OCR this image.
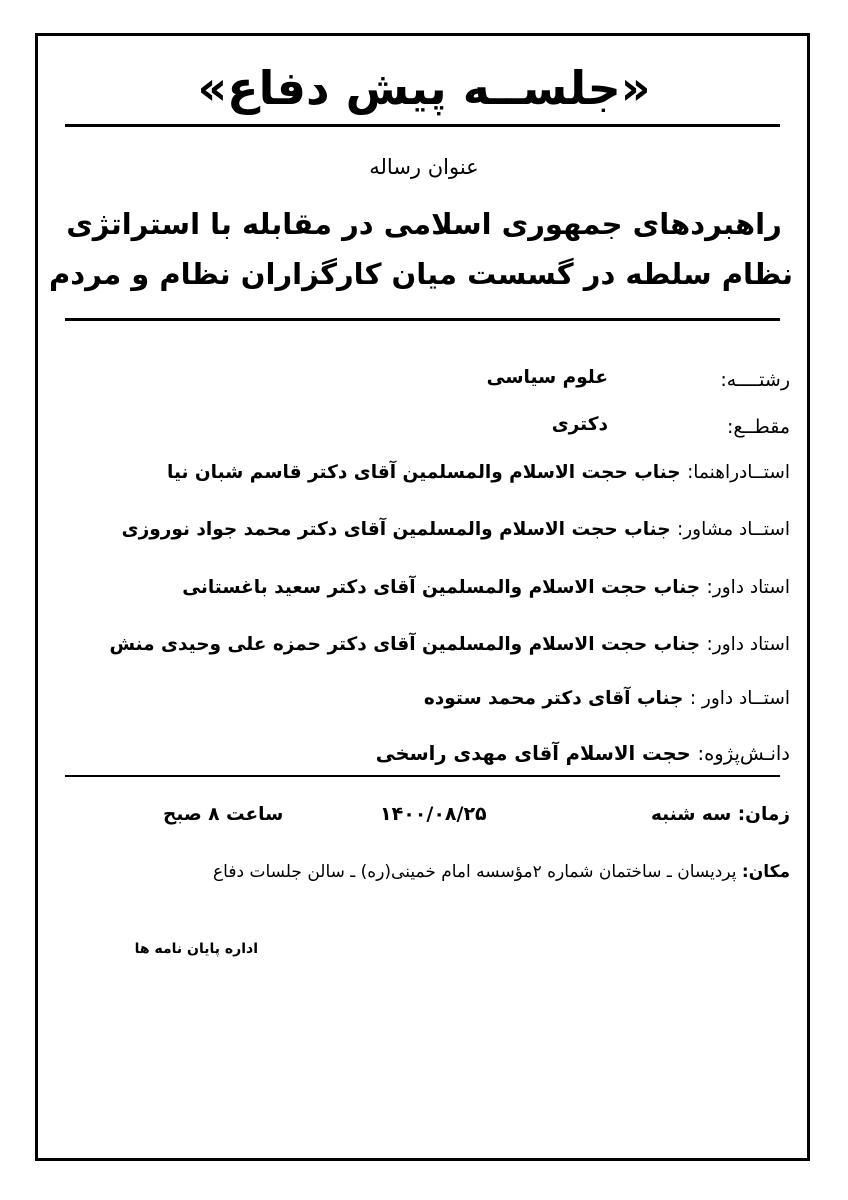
«جلســه پیش دفاع»
عنوان رساله
راهبردهای جمهوری اسلامی در مقابله با استراتژی
نظام سلطه در گسست میان کارگزاران نظام و مردم
رشتــــه:
علوم سیاسی
مقطــع:
دکتری
استــادراهنما: جناب حجت الاسلام والمسلمین آقای دکتر قاسم شبان نیا
استــاد مشاور: جناب حجت الاسلام والمسلمین آقای دکتر محمد جواد نوروزی
استاد داور: جناب حجت الاسلام والمسلمین آقای دکتر سعید باغستانی
استاد داور: جناب حجت الاسلام والمسلمین آقای دکتر حمزه علی وحیدی منش
استــاد داور : جناب آقای دکتر محمد ستوده
دانـش‌پژوه: حجت الاسلام آقای مهدی راسخی
زمان: سه شنبه
۱۴۰۰/۰۸/۲۵
ساعت ۸ صبح
مکان: پردیسان ـ ساختمان شماره ۲مؤسسه امام خمینی(ره) ـ سالن جلسات دفاع
اداره پایان نامه ها
